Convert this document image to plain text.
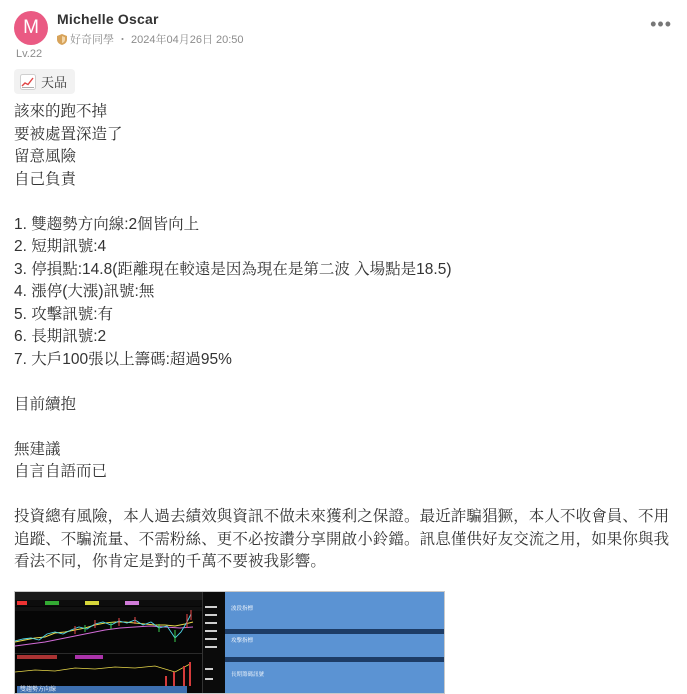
M
Lv.22
Michelle Oscar
好奇同學 ・ 2024年04月26日 20:50
•••
天品
該來的跑不掉
要被處置深造了
留意風險
自己負責
1. 雙趨勢方向線:2個皆向上
2. 短期訊號:4
3. 停損點:14.8(距離現在較遠是因為現在是第二波 入場點是18.5)
4. 漲停(大漲)訊號:無
5. 攻擊訊號:有
6. 長期訊號:2
7. 大戶100張以上籌碼:超過95%
目前續抱
無建議
自言自語而已
投資總有風險，本人過去績效與資訊不做未來獲利之保證。最近詐騙猖獗，本人不收會員、不用追蹤、不騙流量、不需粉絲、更不必按讚分享開啟小鈴鐺。訊息僅供好友交流之用，如果你與我看法不同，你肯定是對的千萬不要被我影響。
雙趨勢方向線
波段指標
攻擊指標
長期籌碼訊號
